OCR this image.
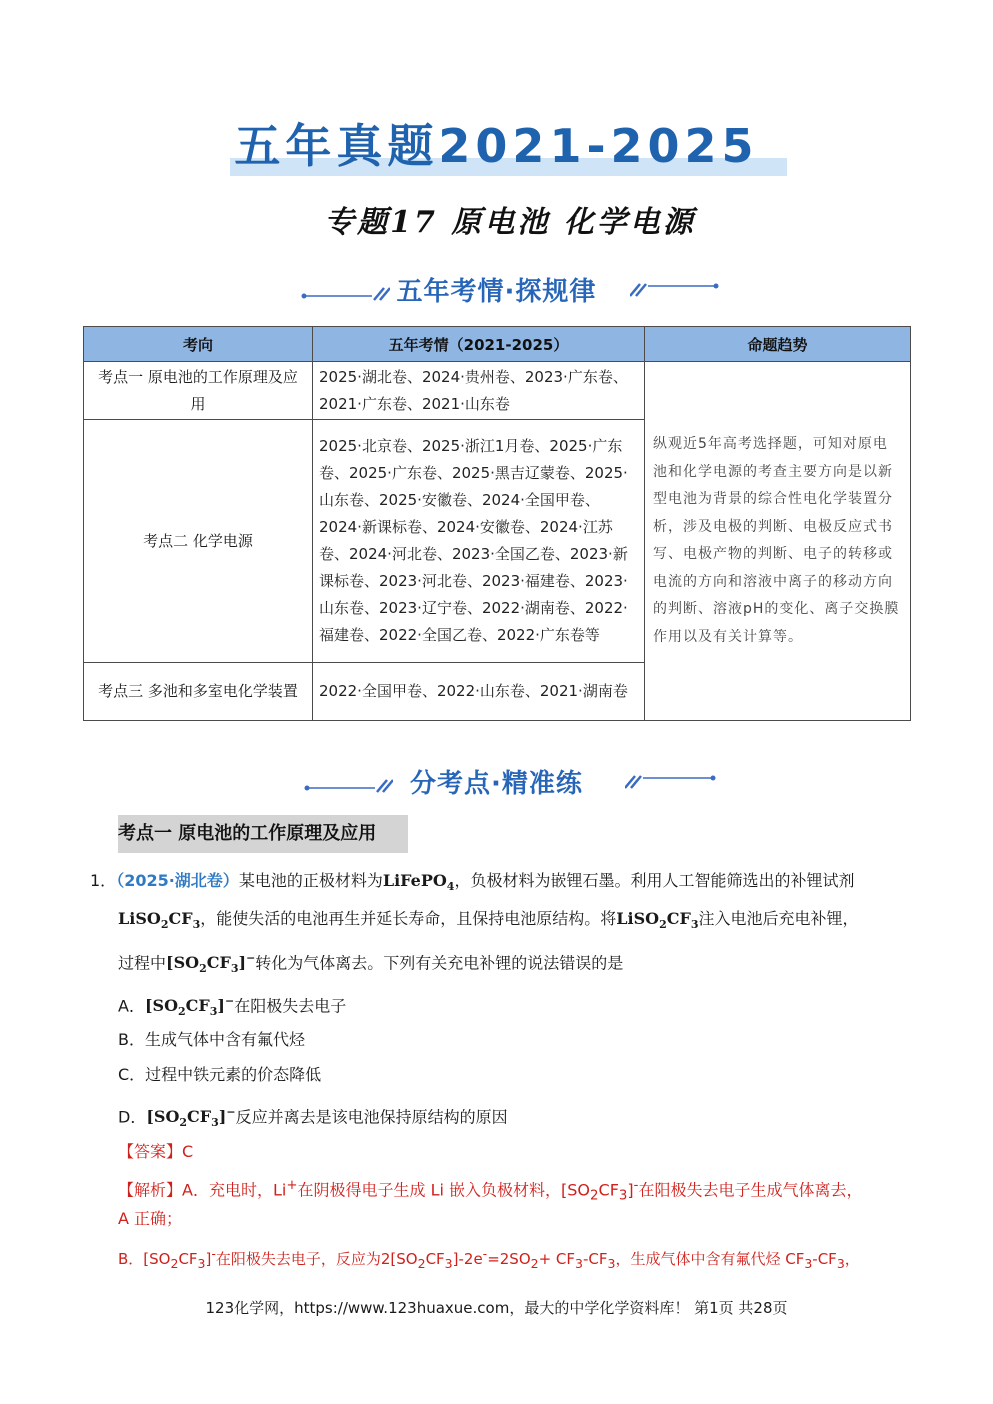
五年真题2021-2025
专题17 原电池 化学电源
五年考情·探规律
考向	五年考情（2021-2025）	命题趋势
考点一 原电池的工作原理及应用	2025·湖北卷、2024·贵州卷、2023·广东卷、2021·广东卷、2021·山东卷	纵观近5年高考选择题，可知对原电池和化学电源的考查主要方向是以新型电池为背景的综合性电化学装置分析，涉及电极的判断、电极反应式书写、电极产物的判断、电子的转移或电流的方向和溶液中离子的移动方向的判断、溶液pH的变化、离子交换膜作用以及有关计算等。
考点二 化学电源	2025·北京卷、2025·浙江1月卷、2025·广东卷、2025·广东卷、2025·黑吉辽蒙卷、2025·山东卷、2025·安徽卷、2024·全国甲卷、2024·新课标卷、2024·安徽卷、2024·江苏卷、2024·河北卷、2023·全国乙卷、2023·新课标卷、2023·河北卷、2023·福建卷、2023·山东卷、2023·辽宁卷、2022·湖南卷、2022·福建卷、2022·全国乙卷、2022·广东卷等	
考点三 多池和多室电化学装置	2022·全国甲卷、2022·山东卷、2021·湖南卷	
分考点·精准练
考点一 原电池的工作原理及应用
1．（2025·湖北卷）某电池的正极材料为LiFePO$_4$，负极材料为嵌锂石墨。利用人工智能筛选出的补锂试剂
$LiSO_2CF_3$，能使失活的电池再生并延长寿命，且保持电池原结构。将$LiSO_2CF_3$注入电池后充电补锂，
过程中$[SO_2CF_3]^-$转化为气体离去。下列有关充电补锂的说法错误的是
A．$[SO_2CF_3]^-$在阳极失去电子
B．生成气体中含有氟代烃
C．过程中铁元素的价态降低
D．$[SO_2CF_3]^-$反应并离去是该电池保持原结构的原因
【答案】C
【解析】A．充电时，Li+在阴极得电子生成 Li 嵌入负极材料，$[SO_2CF_3]^-$在阳极失去电子生成气体离去，
A 正确；
B．$[SO_2CF_3]^-$在阳极失去电子，反应为$2[SO_2CF_3]-2e^-=2SO_2+ CF_3-CF_3$，生成气体中含有氟代烃 $CF_3-CF_3$，
123化学网，https://www.123huaxue.com，最大的中学化学资料库！ 第1页 共28页
